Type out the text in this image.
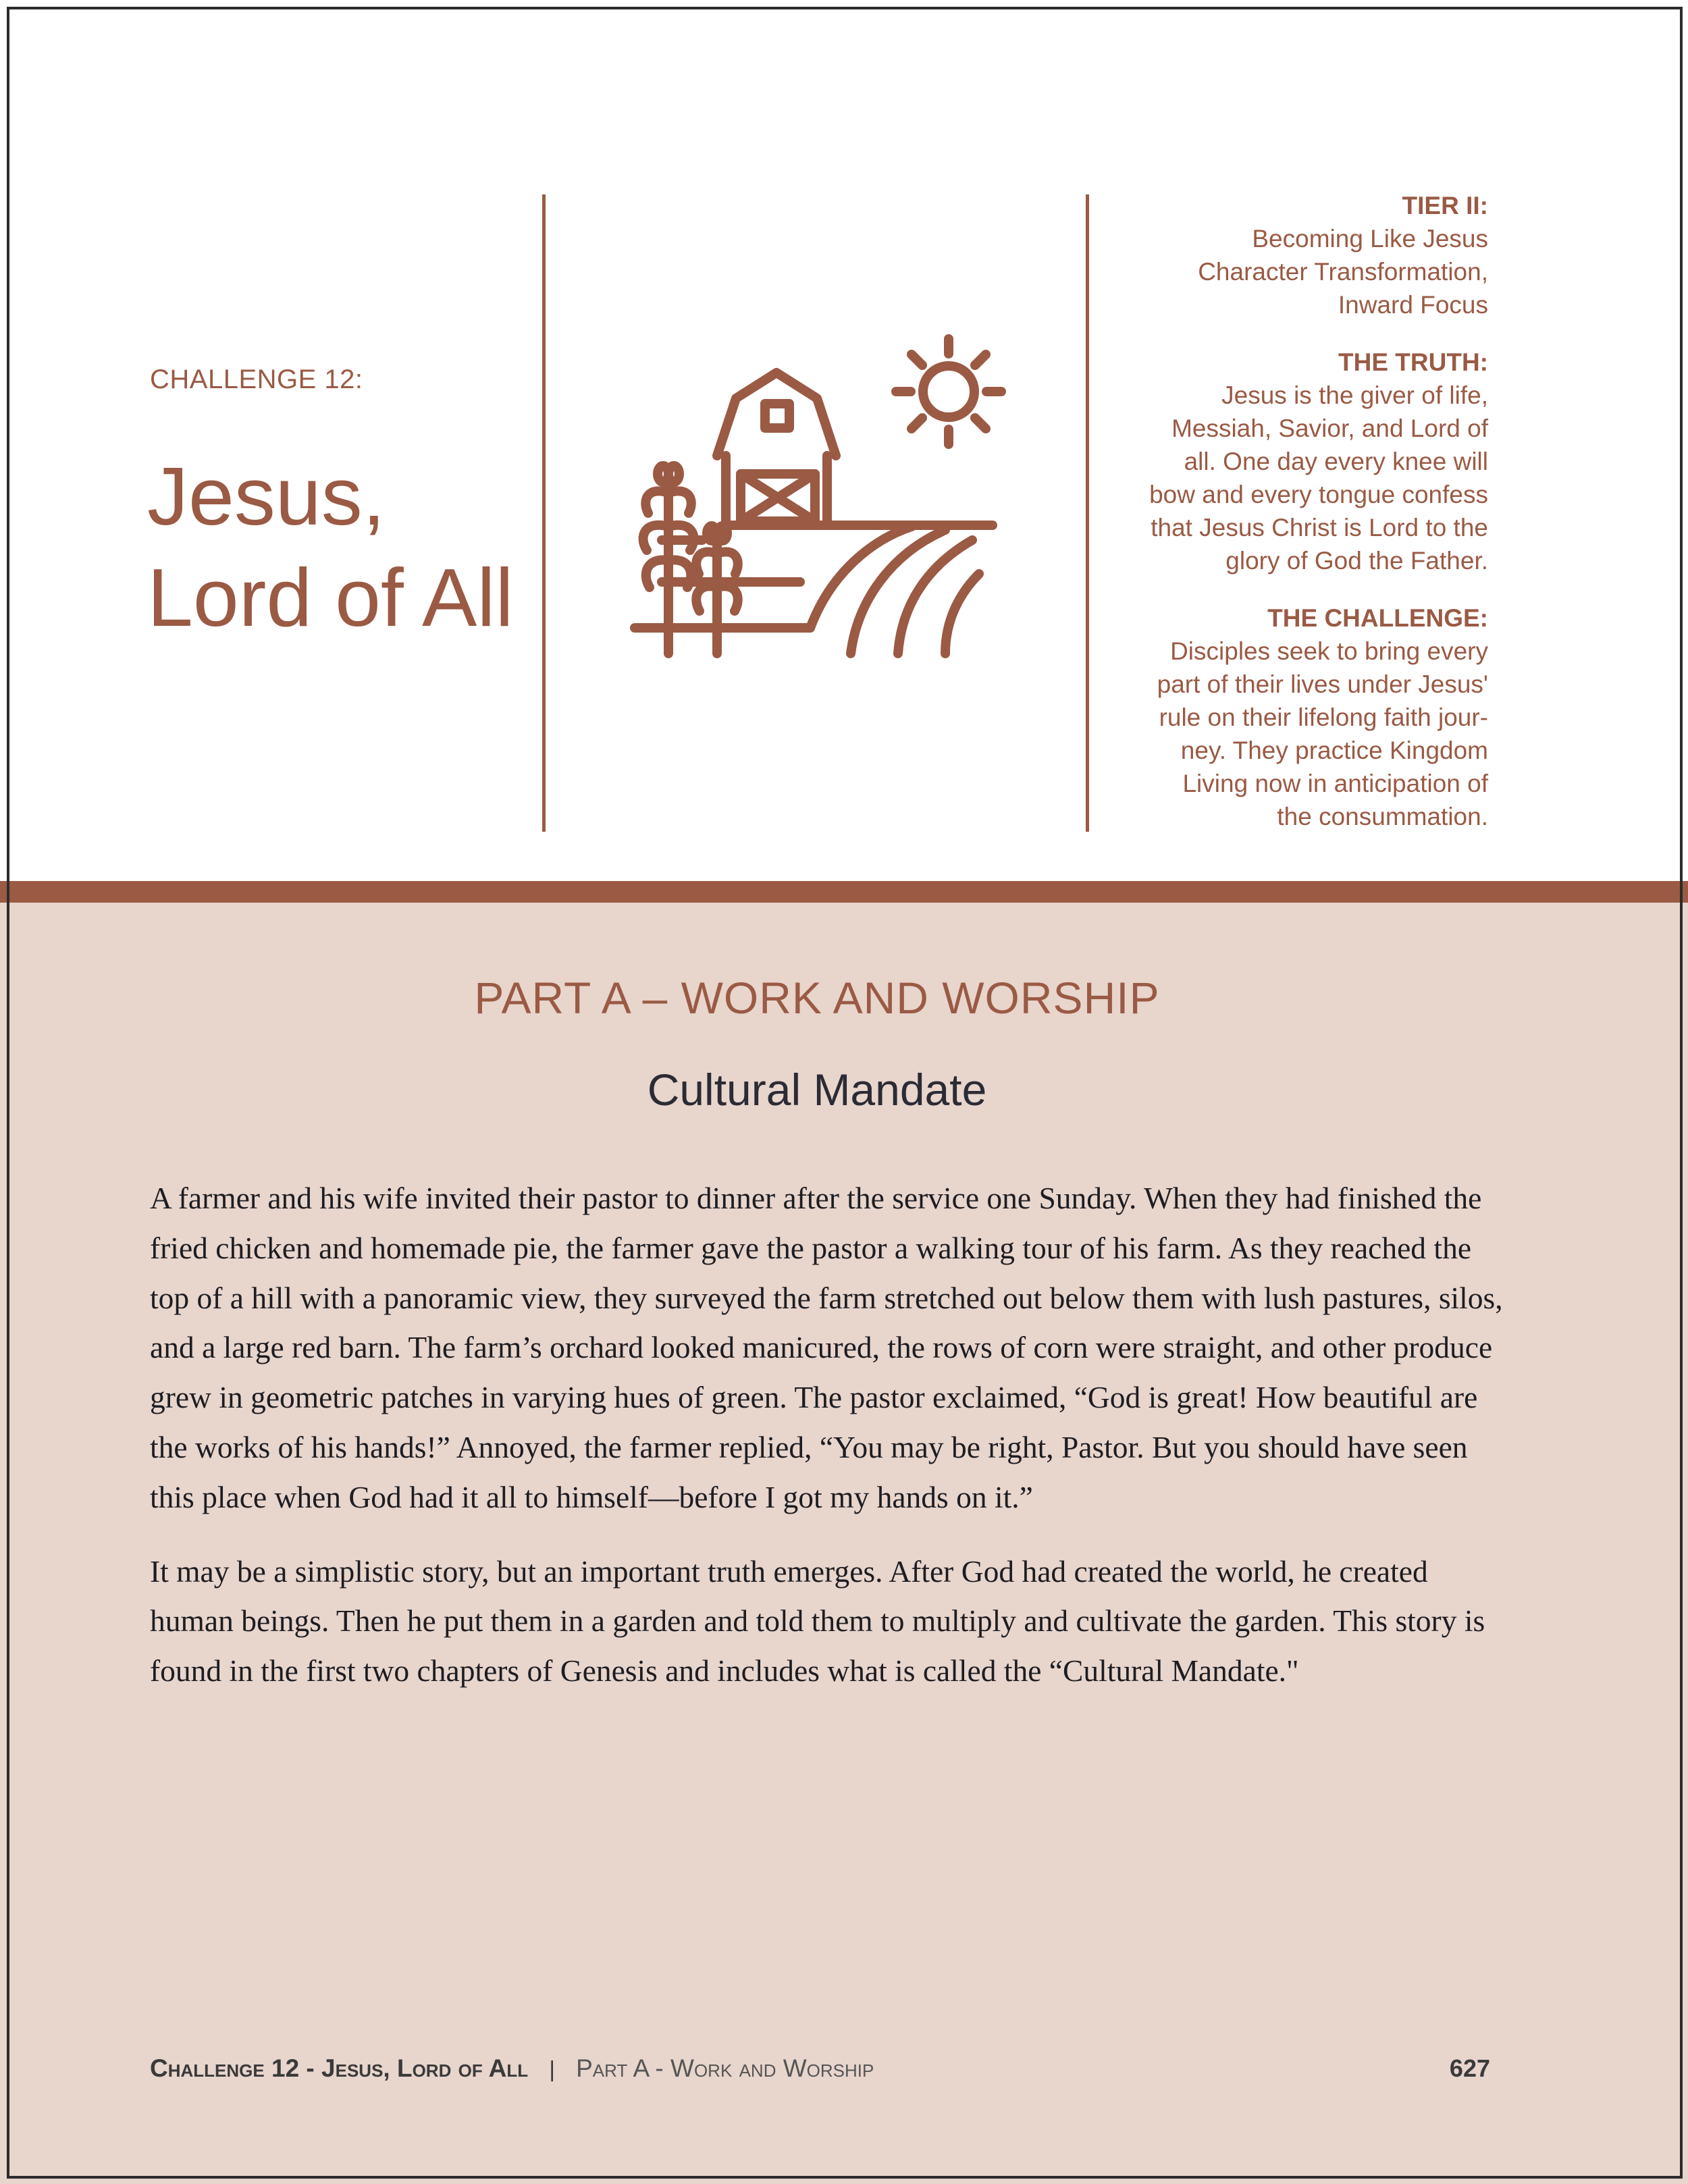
CHALLENGE 12:
Jesus,
Lord of All
TIER II:
Becoming Like Jesus
Character Transformation,
Inward Focus
THE TRUTH:
Jesus is the giver of life,
Messiah, Savior, and Lord of
all. One day every knee will
bow and every tongue confess
that Jesus Christ is Lord to the
glory of God the Father.
THE CHALLENGE:
Disciples seek to bring every
part of their lives under Jesus'
rule on their lifelong faith jour-
ney. They practice Kingdom
Living now in anticipation of
the consummation.
PART A – WORK AND WORSHIP
Cultural Mandate

A farmer and his wife invited their pastor to dinner after the service one Sunday. When they had finished the fried chicken and homemade pie, the farmer gave the pastor a walking tour of his farm. As they reached the top of a hill with a panoramic view, they surveyed the farm stretched out below them with lush pastures, silos, and a large red barn. The farm’s orchard looked manicured, the rows of corn were straight, and other produce grew in geometric patches in varying hues of green. The pastor exclaimed, “God is great! How beautiful are the works of his hands!” Annoyed, the farmer replied, “You may be right, Pastor. But you should have seen this place when God had it all to himself—before I got my hands on it.”

It may be a simplistic story, but an important truth emerges. After God had created the world, he created human beings. Then he put them in a garden and told them to multiply and cultivate the garden. This story is found in the first two chapters of Genesis and includes what is called the “Cultural Mandate."

Challenge 12 - Jesus, Lord of All | Part A - Work and Worship	627
